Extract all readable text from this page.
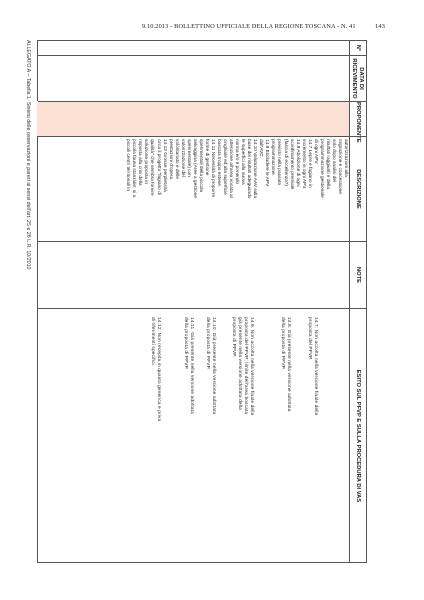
9.10.2013 - BOLLETTINO UFFICIALE DELLA REGIONE TOSCANA - N. 41	143
ALLEGATO A – Tabella 1. Sintesi delle osservazioni e pareri ai sensi dell'art. 25 e 26 L.R. 10/2010	N°
DATA DI RICEVIMENTO
PROPONENTE
DESCRIZIONE
NOTE
ESITO SUL PFVP E SULLA PROCEDURA DI VAS
autorizzazioni alla
migrazione e concessione
solo dopo analisi dei
risultati raggiunti e della
programmazione gestionale
di ogni APV.
14.7 Lepre e fagiano in
incremento in ogni APV.
14.8 Abolizione di ogni
sconfinamento premiale
(fascia di eccellenza?)
previsto nella passata
programmazione.
14.9 Escludere le APV
dall'AVC.
14.10 Valutazione AAV sulla
base dei risultati adeguando
le superfici alla nuova
norma e/o e ponendo
attenzione all'area vocata al
cinghiale ed alla superficie
boscata troppo estese.
14.11 Necessità di proporre
forme di gestione
sperimentali della piccola
selvaggina (Aree a gestione
sperimentale) con
valorizzazione del
volontariato e delle
prestazioni d'opera.
14.12 Grosse perplessità
circa il progetto "fagiano di
qualità" che sembra fornire
soluzione proposta in
risposta alla crisi della
piccola fauna stanziale; si a
piccoli centri territoriali in
14.7. Non accolta nella versione finale della
proposta del PFVP.
14.8. Già presente nella versione adottata
della proposta di PFVP.
14.9. Non accolta nella versione finale della
proposta del PFVP; limite dell'area boscata
già presente nella versione adottata della
proposta di PFVP.
14.10. Già presente nella versione adottata
della proposta di PFVP.
14.11. Già presente nella versione adottata
della proposta di PFVP.
14.12. Non recepita in quanto generica e priva
di riferimenti specifici.
